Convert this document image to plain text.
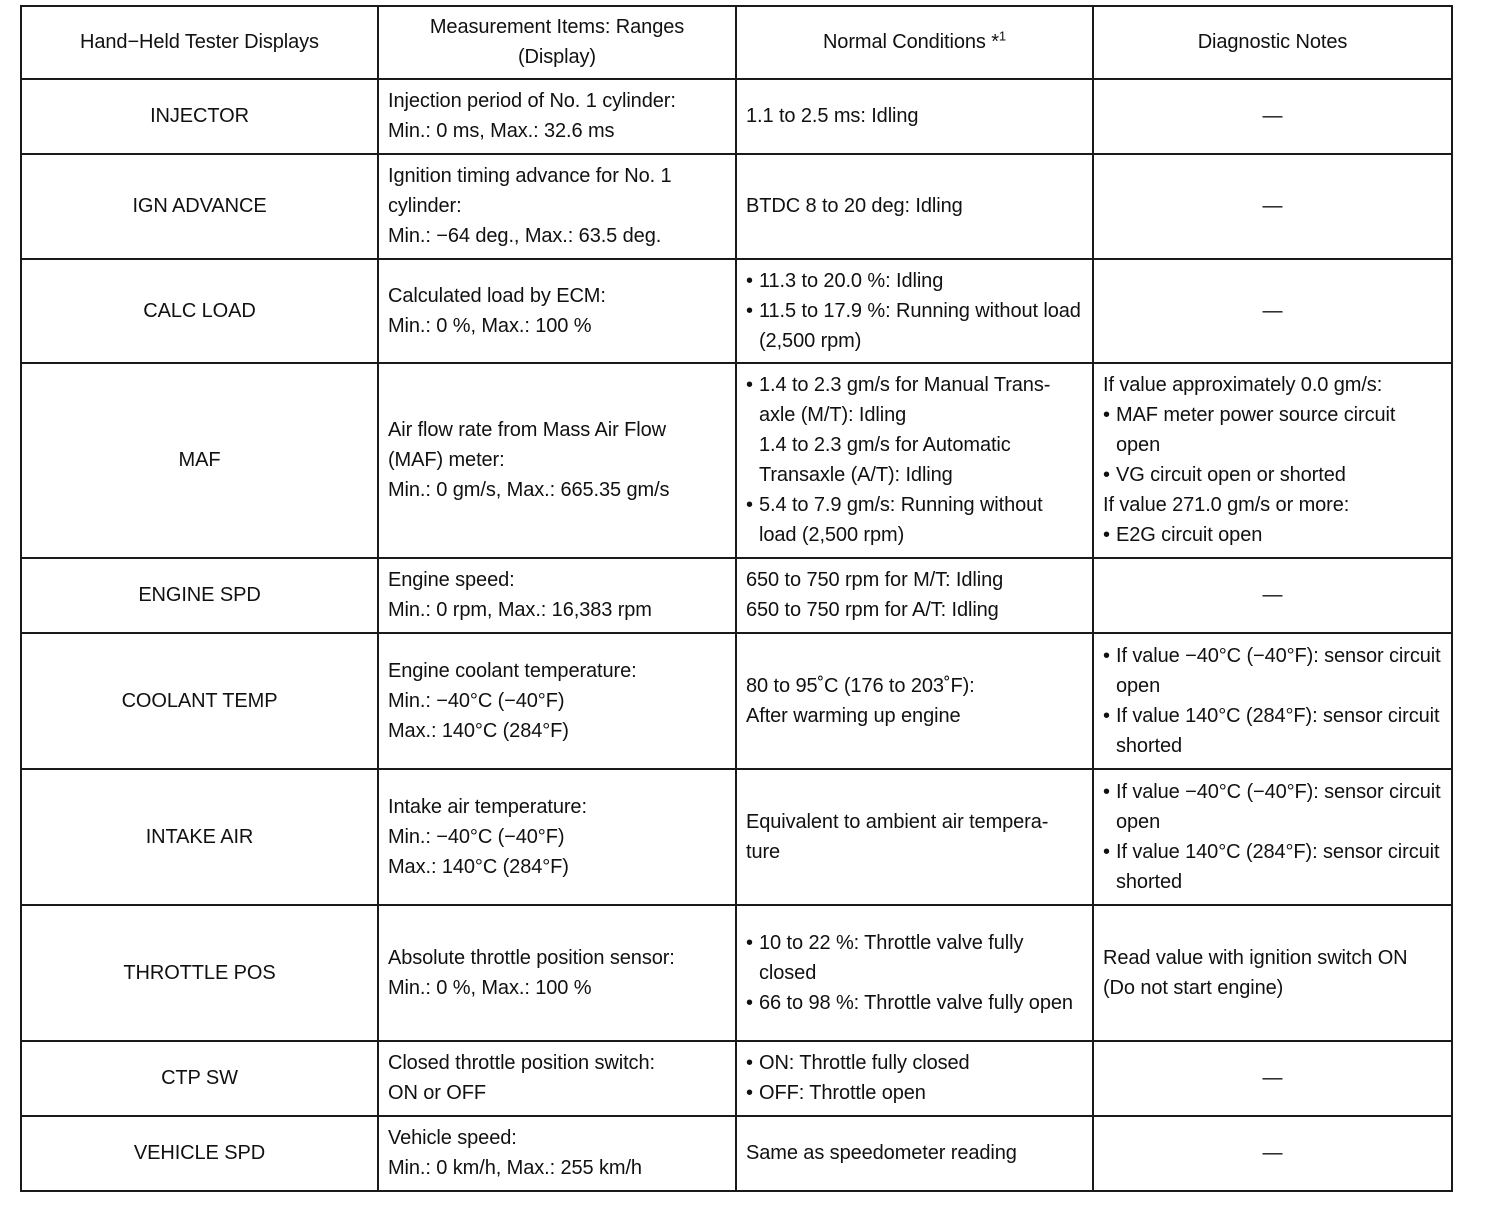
Hand−Held Tester Displays	Measurement Items: Ranges
(Display)	Normal Conditions *$^1$	Diagnostic Notes
INJECTOR	Injection period of No. 1 cylinder:
Min.: 0 ms, Max.: 32.6 ms	1.1 to 2.5 ms: Idling	—
IGN ADVANCE	Ignition timing advance for No. 1
cylinder:
Min.: −64 deg., Max.: 63.5 deg.	BTDC 8 to 20 deg: Idling	—
CALC LOAD	Calculated load by ECM:
Min.: 0 %, Max.: 100 %	• 11.3 to 20.0 %: Idling
• 11.5 to 17.9 %: Running without load (2,500 rpm)	—
MAF	Air flow rate from Mass Air Flow
(MAF) meter:
Min.: 0 gm/s, Max.: 665.35 gm/s	• 1.4 to 2.3 gm/s for Manual Trans-axle (M/T): Idling
1.4 to 2.3 gm/s for Automatic Transaxle (A/T): Idling
• 5.4 to 7.9 gm/s: Running without load (2,500 rpm)	If value approximately 0.0 gm/s:
• MAF meter power source circuit open
• VG circuit open or shorted
If value 271.0 gm/s or more:
• E2G circuit open

ENGINE SPD	Engine speed:
Min.: 0 rpm, Max.: 16,383 rpm	650 to 750 rpm for M/T: Idling
650 to 750 rpm for A/T: Idling	—
COOLANT TEMP	Engine coolant temperature:
Min.: −40°C (−40°F)
Max.: 140°C (284°F)	80 to 95˚C (176 to 203˚F):
After warming up engine	• If value −40°C (−40°F): sensor circuit open
• If value 140°C (284°F): sensor circuit shorted

INTAKE AIR	Intake air temperature:
Min.: −40°C (−40°F)
Max.: 140°C (284°F)	Equivalent to ambient air tempera-
ture	• If value −40°C (−40°F): sensor circuit open
• If value 140°C (284°F): sensor circuit shorted

THROTTLE POS	Absolute throttle position sensor:
Min.: 0 %, Max.: 100 %	• 10 to 22 %: Throttle valve fully closed
• 66 to 98 %: Throttle valve fully open	Read value with ignition switch ON
(Do not start engine)

CTP SW	Closed throttle position switch:
ON or OFF	• ON: Throttle fully closed
• OFF: Throttle open	—
VEHICLE SPD	Vehicle speed:
Min.: 0 km/h, Max.: 255 km/h	Same as speedometer reading	—
